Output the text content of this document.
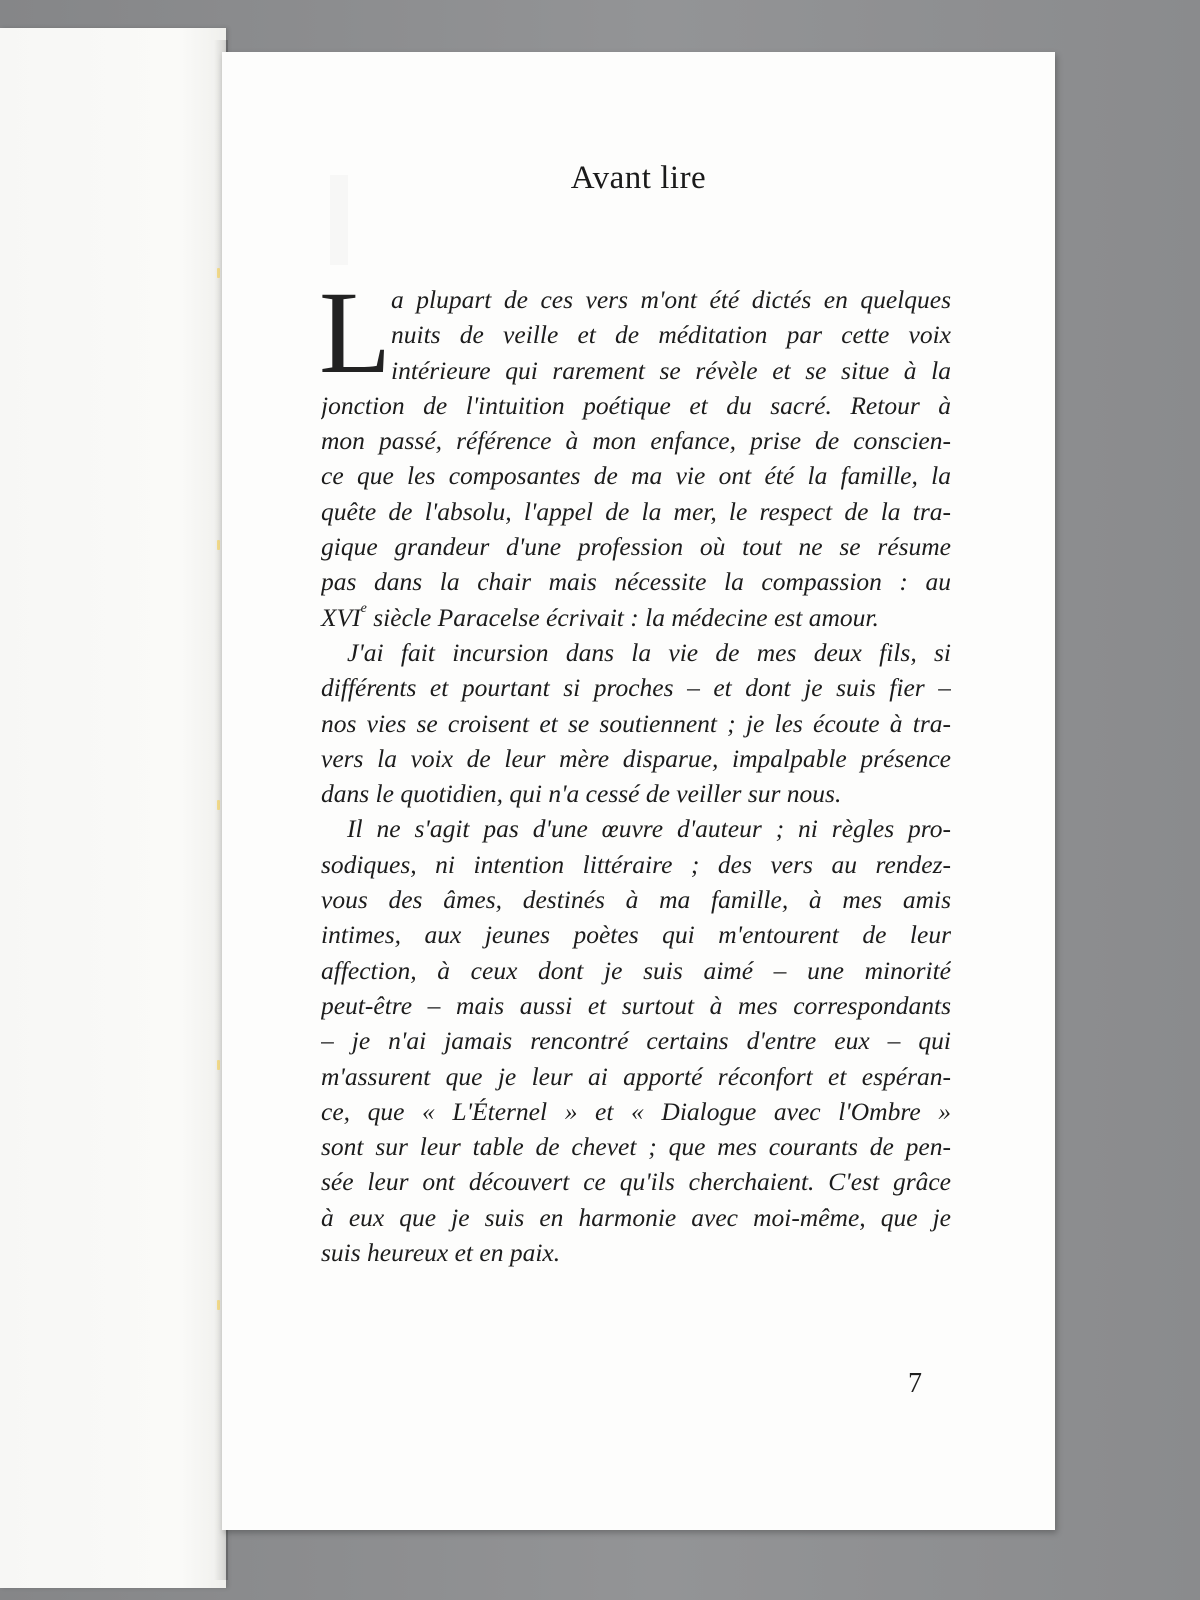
Avant lire
L a plupart de ces vers m'ont été dictés en quelques
nuits de veille et de méditation par cette voix
intérieure qui rarement se révèle et se situe à la
jonction de l'intuition poétique et du sacré. Retour à
mon passé, référence à mon enfance, prise de conscien-
ce que les composantes de ma vie ont été la famille, la
quête de l'absolu, l'appel de la mer, le respect de la tra-
gique grandeur d'une profession où tout ne se résume
pas dans la chair mais nécessite la compassion : au
XVIe siècle Paracelse écrivait : la médecine est amour.
J'ai fait incursion dans la vie de mes deux fils, si
différents et pourtant si proches – et dont je suis fier –
nos vies se croisent et se soutiennent ; je les écoute à tra-
vers la voix de leur mère disparue, impalpable présence
dans le quotidien, qui n'a cessé de veiller sur nous.
Il ne s'agit pas d'une œuvre d'auteur ; ni règles pro-
sodiques, ni intention littéraire ; des vers au rendez-
vous des âmes, destinés à ma famille, à mes amis
intimes, aux jeunes poètes qui m'entourent de leur
affection, à ceux dont je suis aimé – une minorité
peut-être – mais aussi et surtout à mes correspondants
– je n'ai jamais rencontré certains d'entre eux – qui
m'assurent que je leur ai apporté réconfort et espéran-
ce, que « L'Éternel » et « Dialogue avec l'Ombre »
sont sur leur table de chevet ; que mes courants de pen-
sée leur ont découvert ce qu'ils cherchaient. C'est grâce
à eux que je suis en harmonie avec moi-même, que je
suis heureux et en paix.
7
